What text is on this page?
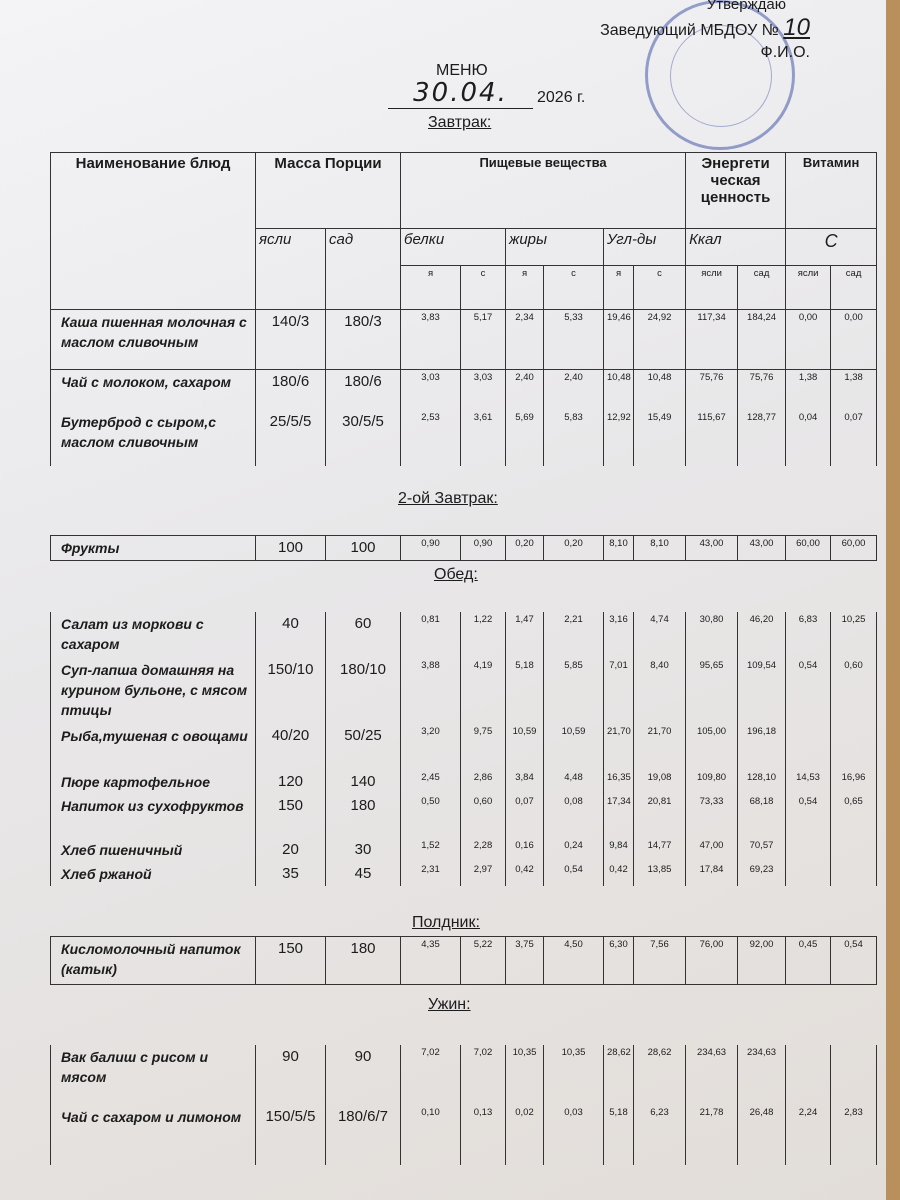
Утверждаю
Заведующий МБДОУ № 10
Ф.И.О.
МЕНЮ
30.04.	2026 г.
Завтрак:
2-ой Завтрак:
Обед:
Полдник:
Ужин:
Наименование блюд	Масса Порции		Пищевые вещества						Энергети ческая ценность		Витамин	
	ясли	сад	белки		жиры		Угл-ды		Ккал		С	
			я	с	я	с	я	с	ясли	сад	ясли	сад
Каша пшенная молочная с маслом сливочным	140/3	180/3	3,83	5,17	2,34	5,33	19,46	24,92	117,34	184,24	0,00	0,00
Чай с молоком, сахаром	180/6	180/6	3,03	3,03	2,40	2,40	10,48	10,48	75,76	75,76	1,38	1,38
Бутерброд с сыром,с маслом сливочным	25/5/5	30/5/5	2,53	3,61	5,69	5,83	12,92	15,49	115,67	128,77	0,04	0,07
Фрукты	100	100	0,90	0,90	0,20	0,20	8,10	8,10	43,00	43,00	60,00	60,00
Салат из моркови с сахаром	40	60	0,81	1,22	1,47	2,21	3,16	4,74	30,80	46,20	6,83	10,25
Суп-лапша домашняя на курином бульоне, с мясом птицы	150/10	180/10	3,88	4,19	5,18	5,85	7,01	8,40	95,65	109,54	0,54	0,60
Рыба,тушеная с овощами	40/20	50/25	3,20	9,75	10,59	10,59	21,70	21,70	105,00	196,18		
Пюре картофельное	120	140	2,45	2,86	3,84	4,48	16,35	19,08	109,80	128,10	14,53	16,96
Напиток из сухофруктов	150	180	0,50	0,60	0,07	0,08	17,34	20,81	73,33	68,18	0,54	0,65
Хлеб пшеничный	20	30	1,52	2,28	0,16	0,24	9,84	14,77	47,00	70,57		
Хлеб ржаной	35	45	2,31	2,97	0,42	0,54	0,42	13,85	17,84	69,23		
Кисломолочный напиток (катык)	150	180	4,35	5,22	3,75	4,50	6,30	7,56	76,00	92,00	0,45	0,54
Вак балиш с рисом и мясом	90	90	7,02	7,02	10,35	10,35	28,62	28,62	234,63	234,63		
Чай с сахаром и лимоном	150/5/5	180/6/7	0,10	0,13	0,02	0,03	5,18	6,23	21,78	26,48	2,24	2,83
